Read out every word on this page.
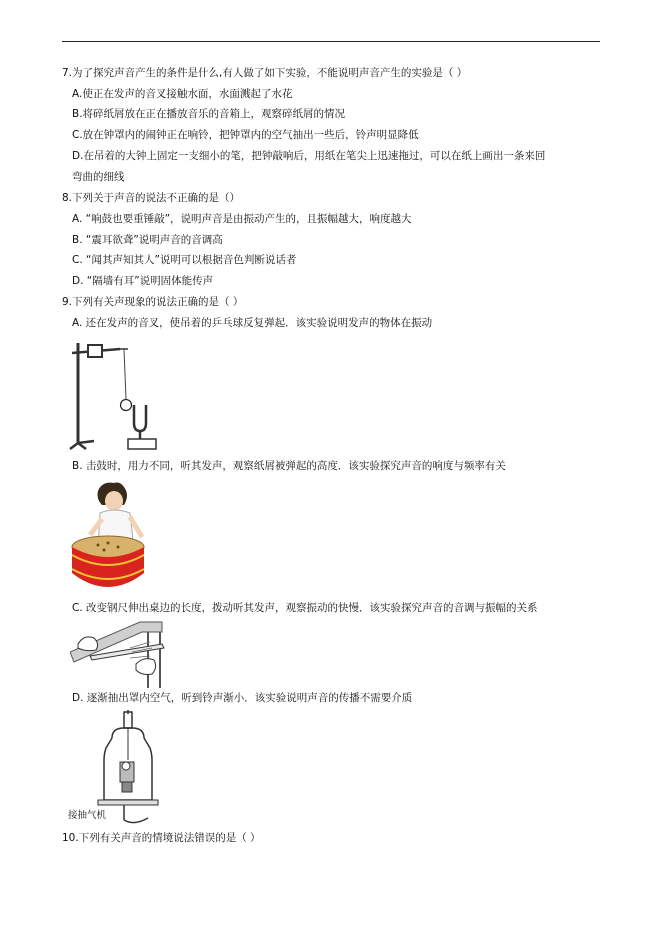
7.为了探究声音产生的条件是什么,有人做了如下实验，不能说明声音产生的实验是（ ）
A.使正在发声的音叉接触水面，水面溅起了水花
B.将碎纸屑放在正在播放音乐的音箱上，观察碎纸屑的情况
C.放在钟罩内的闹钟正在响铃，把钟罩内的空气抽出一些后，铃声明显降低
D.在吊着的大钟上固定一支细小的笔，把钟敲响后，用纸在笔尖上迅速拖过，可以在纸上画出一条来回
弯曲的细线
8.下列关于声音的说法不正确的是（）
A. “响鼓也要重锤敲”，说明声音是由振动产生的，且振幅越大，响度越大
B. “震耳欲聋”说明声音的音调高
C. “闻其声知其人”说明可以根据音色判断说话者
D. “隔墙有耳”说明固体能传声
9.下列有关声现象的说法正确的是（ ）
A. 还在发声的音叉，使吊着的乒乓球反复弹起．该实验说明发声的物体在振动
B. 击鼓时，用力不同，听其发声，观察纸屑被弹起的高度．该实验探究声音的响度与频率有关
C. 改变钢尺伸出桌边的长度，拨动听其发声，观察振动的快慢．该实验探究声音的音调与振幅的关系
D. 逐渐抽出罩内空气，听到铃声渐小．该实验说明声音的传播不需要介质
接抽气机
10.下列有关声音的情境说法错误的是（ ）
